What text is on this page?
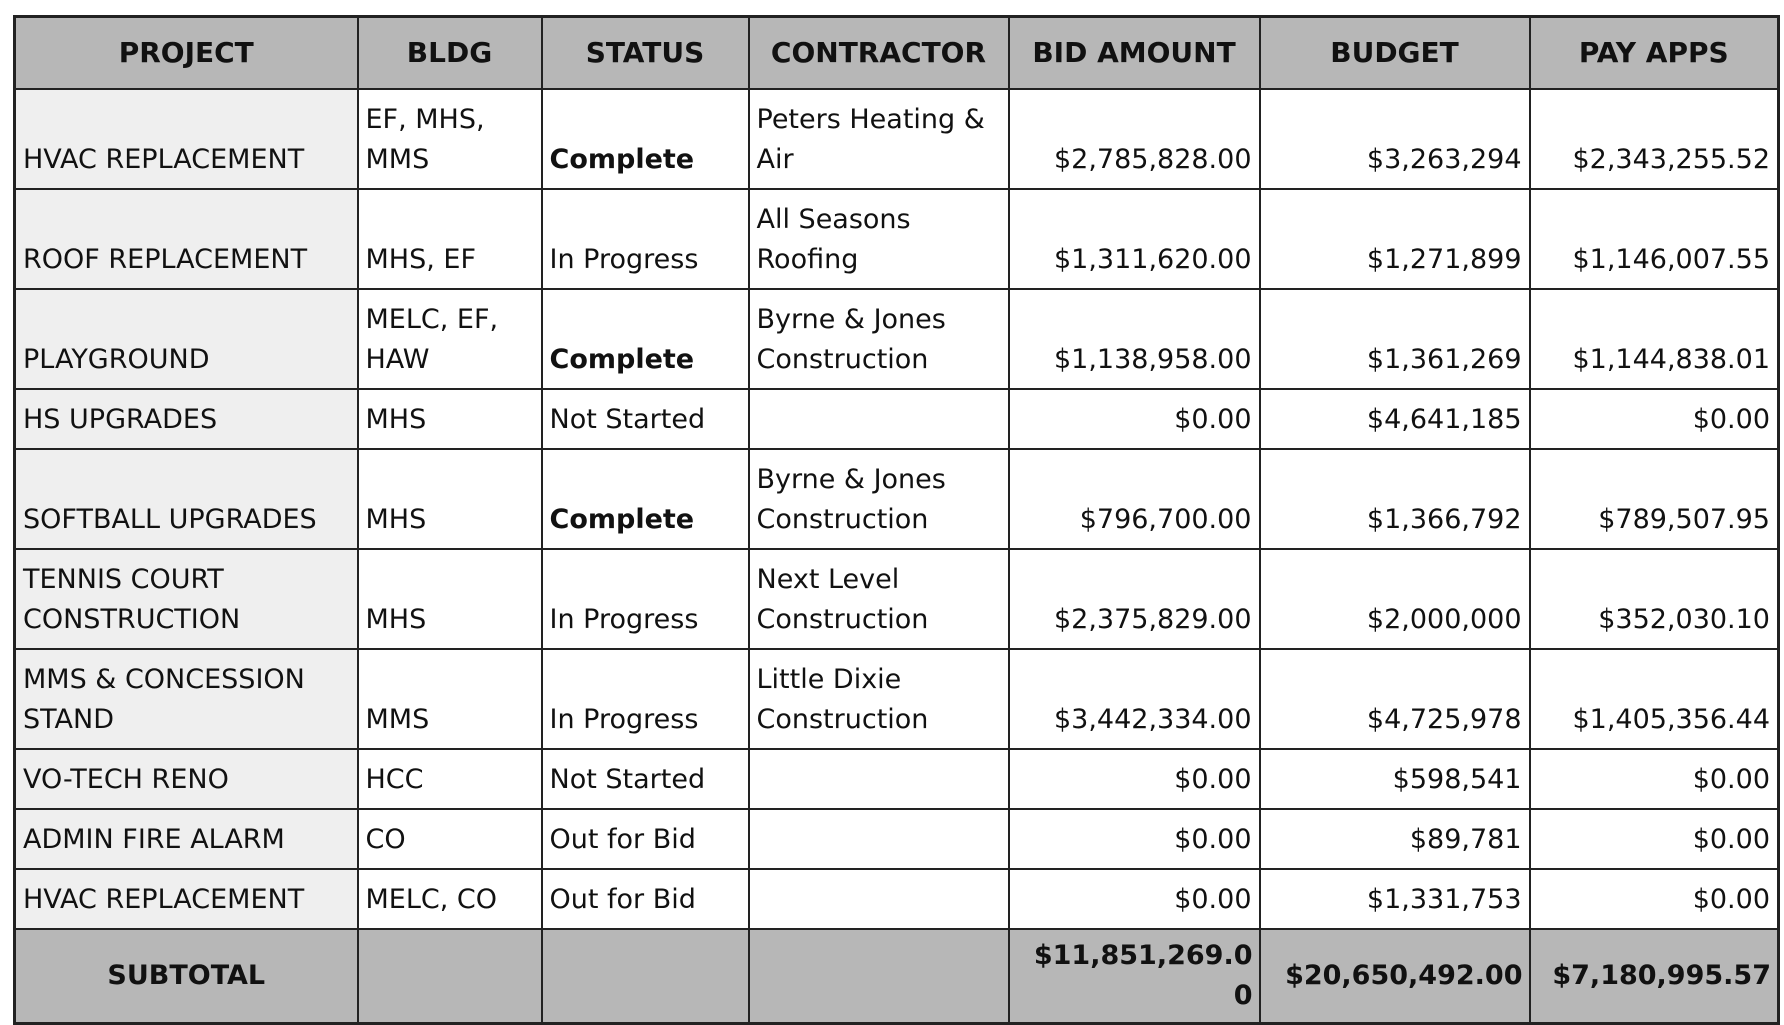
PROJECT	BLDG	STATUS	CONTRACTOR	BID AMOUNT	BUDGET	PAY APPS
HVAC REPLACEMENT	EF, MHS, MMS	Complete	Peters Heating & Air	$2,785,828.00	$3,263,294	$2,343,255.52
ROOF REPLACEMENT	MHS, EF	In Progress	All Seasons Roofing	$1,311,620.00	$1,271,899	$1,146,007.55
PLAYGROUND	MELC, EF, HAW	Complete	Byrne & Jones Construction	$1,138,958.00	$1,361,269	$1,144,838.01
HS UPGRADES	MHS	Not Started		$0.00	$4,641,185	$0.00
SOFTBALL UPGRADES	MHS	Complete	Byrne & Jones Construction	$796,700.00	$1,366,792	$789,507.95
TENNIS COURT CONSTRUCTION	MHS	In Progress	Next Level Construction	$2,375,829.00	$2,000,000	$352,030.10
MMS & CONCESSION STAND	MMS	In Progress	Little Dixie Construction	$3,442,334.00	$4,725,978	$1,405,356.44
VO-TECH RENO	HCC	Not Started		$0.00	$598,541	$0.00
ADMIN FIRE ALARM	CO	Out for Bid		$0.00	$89,781	$0.00
HVAC REPLACEMENT	MELC, CO	Out for Bid		$0.00	$1,331,753	$0.00
SUBTOTAL				$11,851,269.00	$20,650,492.00	$7,180,995.57
